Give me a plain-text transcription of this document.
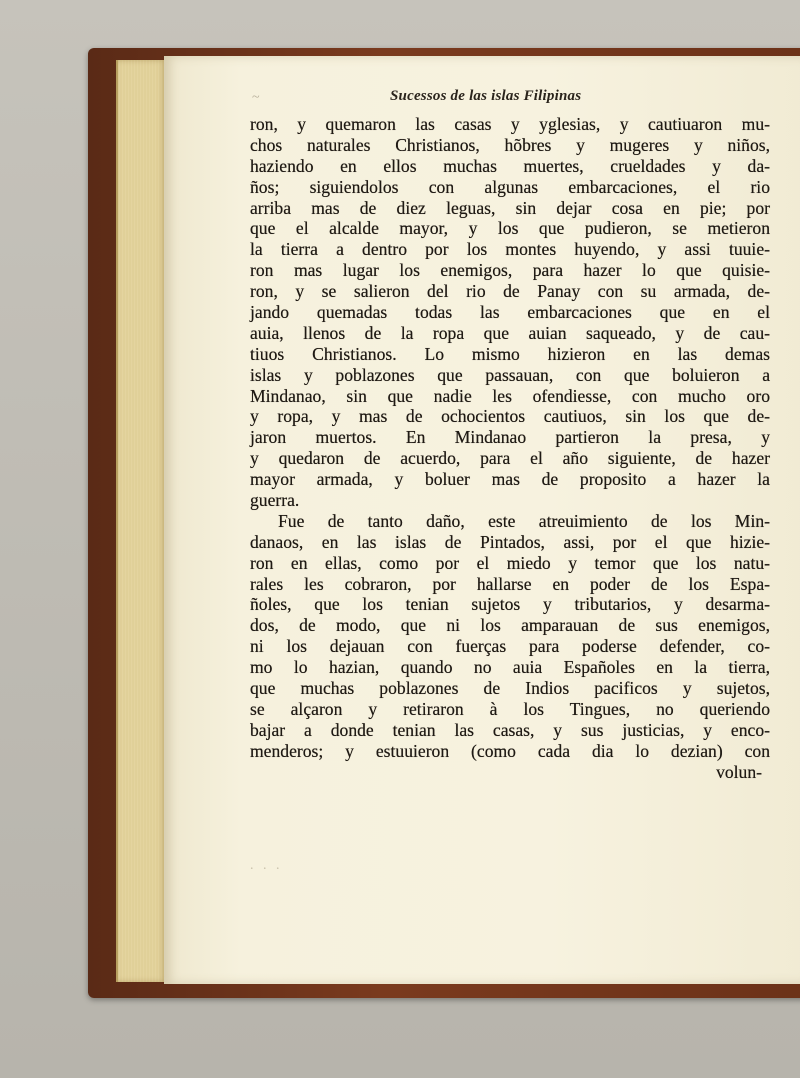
~	Sucessos de las islas Filipinas
ron, y quemaron las casas y yglesias, y cautiuaron mu-
chos naturales Christianos, hõbres y mugeres y niños,
haziendo en ellos muchas muertes, crueldades y da-
ños; siguiendolos con algunas embarcaciones, el rio
arriba mas de diez leguas, sin dejar cosa en pie; por
que el alcalde mayor, y los que pudieron, se metieron
la tierra a dentro por los montes huyendo, y assi tuuie-
ron mas lugar los enemigos, para hazer lo que quisie-
ron, y se salieron del rio de Panay con su armada, de-
jando quemadas todas las embarcaciones que en el
auia, llenos de la ropa que auian saqueado, y de cau-
tiuos Christianos. Lo mismo hizieron en las demas
islas y poblazones que passauan, con que boluieron a
Mindanao, sin que nadie les ofendiesse, con mucho oro
y ropa, y mas de ochocientos cautiuos, sin los que de-
jaron muertos. En Mindanao partieron la presa, y
y quedaron de acuerdo, para el año siguiente, de hazer
mayor armada, y boluer mas de proposito a hazer la
guerra.
Fue de tanto daño, este atreuimiento de los Min-
danaos, en las islas de Pintados, assi, por el que hizie-
ron en ellas, como por el miedo y temor que los natu-
rales les cobraron, por hallarse en poder de los Espa-
ñoles, que los tenian sujetos y tributarios, y desarma-
dos, de modo, que ni los amparauan de sus enemigos,
ni los dejauan con fuerças para poderse defender, co-
mo lo hazian, quando no auia Españoles en la tierra,
que muchas poblazones de Indios pacificos y sujetos,
se alçaron y retiraron à los Tingues, no queriendo
bajar a donde tenian las casas, y sus justicias, y enco-
menderos; y estuuieron (como cada dia lo dezian) con
volun-
. . .
